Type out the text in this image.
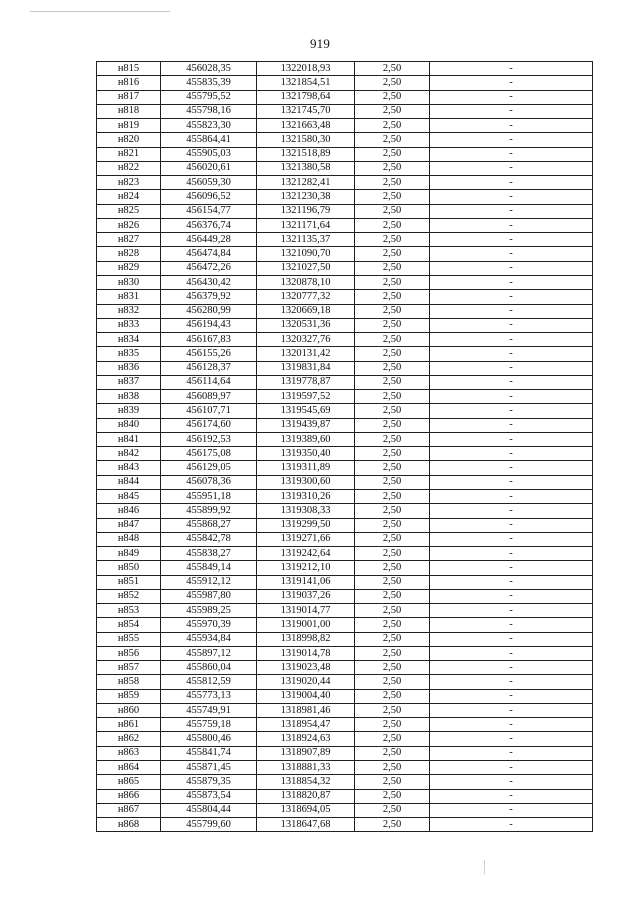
919
н815	456028,35	1322018,93	2,50	-
н816	455835,39	1321854,51	2,50	-
н817	455795,52	1321798,64	2,50	-
н818	455798,16	1321745,70	2,50	-
н819	455823,30	1321663,48	2,50	-
н820	455864,41	1321580,30	2,50	-
н821	455905,03	1321518,89	2,50	-
н822	456020,61	1321380,58	2,50	-
н823	456059,30	1321282,41	2,50	-
н824	456096,52	1321230,38	2,50	-
н825	456154,77	1321196,79	2,50	-
н826	456376,74	1321171,64	2,50	-
н827	456449,28	1321135,37	2,50	-
н828	456474,84	1321090,70	2,50	-
н829	456472,26	1321027,50	2,50	-
н830	456430,42	1320878,10	2,50	-
н831	456379,92	1320777,32	2,50	-
н832	456280,99	1320669,18	2,50	-
н833	456194,43	1320531,36	2,50	-
н834	456167,83	1320327,76	2,50	-
н835	456155,26	1320131,42	2,50	-
н836	456128,37	1319831,84	2,50	-
н837	456114,64	1319778,87	2,50	-
н838	456089,97	1319597,52	2,50	-
н839	456107,71	1319545,69	2,50	-
н840	456174,60	1319439,87	2,50	-
н841	456192,53	1319389,60	2,50	-
н842	456175,08	1319350,40	2,50	-
н843	456129,05	1319311,89	2,50	-
н844	456078,36	1319300,60	2,50	-
н845	455951,18	1319310,26	2,50	-
н846	455899,92	1319308,33	2,50	-
н847	455868,27	1319299,50	2,50	-
н848	455842,78	1319271,66	2,50	-
н849	455838,27	1319242,64	2,50	-
н850	455849,14	1319212,10	2,50	-
н851	455912,12	1319141,06	2,50	-
н852	455987,80	1319037,26	2,50	-
н853	455989,25	1319014,77	2,50	-
н854	455970,39	1319001,00	2,50	-
н855	455934,84	1318998,82	2,50	-
н856	455897,12	1319014,78	2,50	-
н857	455860,04	1319023,48	2,50	-
н858	455812,59	1319020,44	2,50	-
н859	455773,13	1319004,40	2,50	-
н860	455749,91	1318981,46	2,50	-
н861	455759,18	1318954,47	2,50	-
н862	455800,46	1318924,63	2,50	-
н863	455841,74	1318907,89	2,50	-
н864	455871,45	1318881,33	2,50	-
н865	455879,35	1318854,32	2,50	-
н866	455873,54	1318820,87	2,50	-
н867	455804,44	1318694,05	2,50	-
н868	455799,60	1318647,68	2,50	-
